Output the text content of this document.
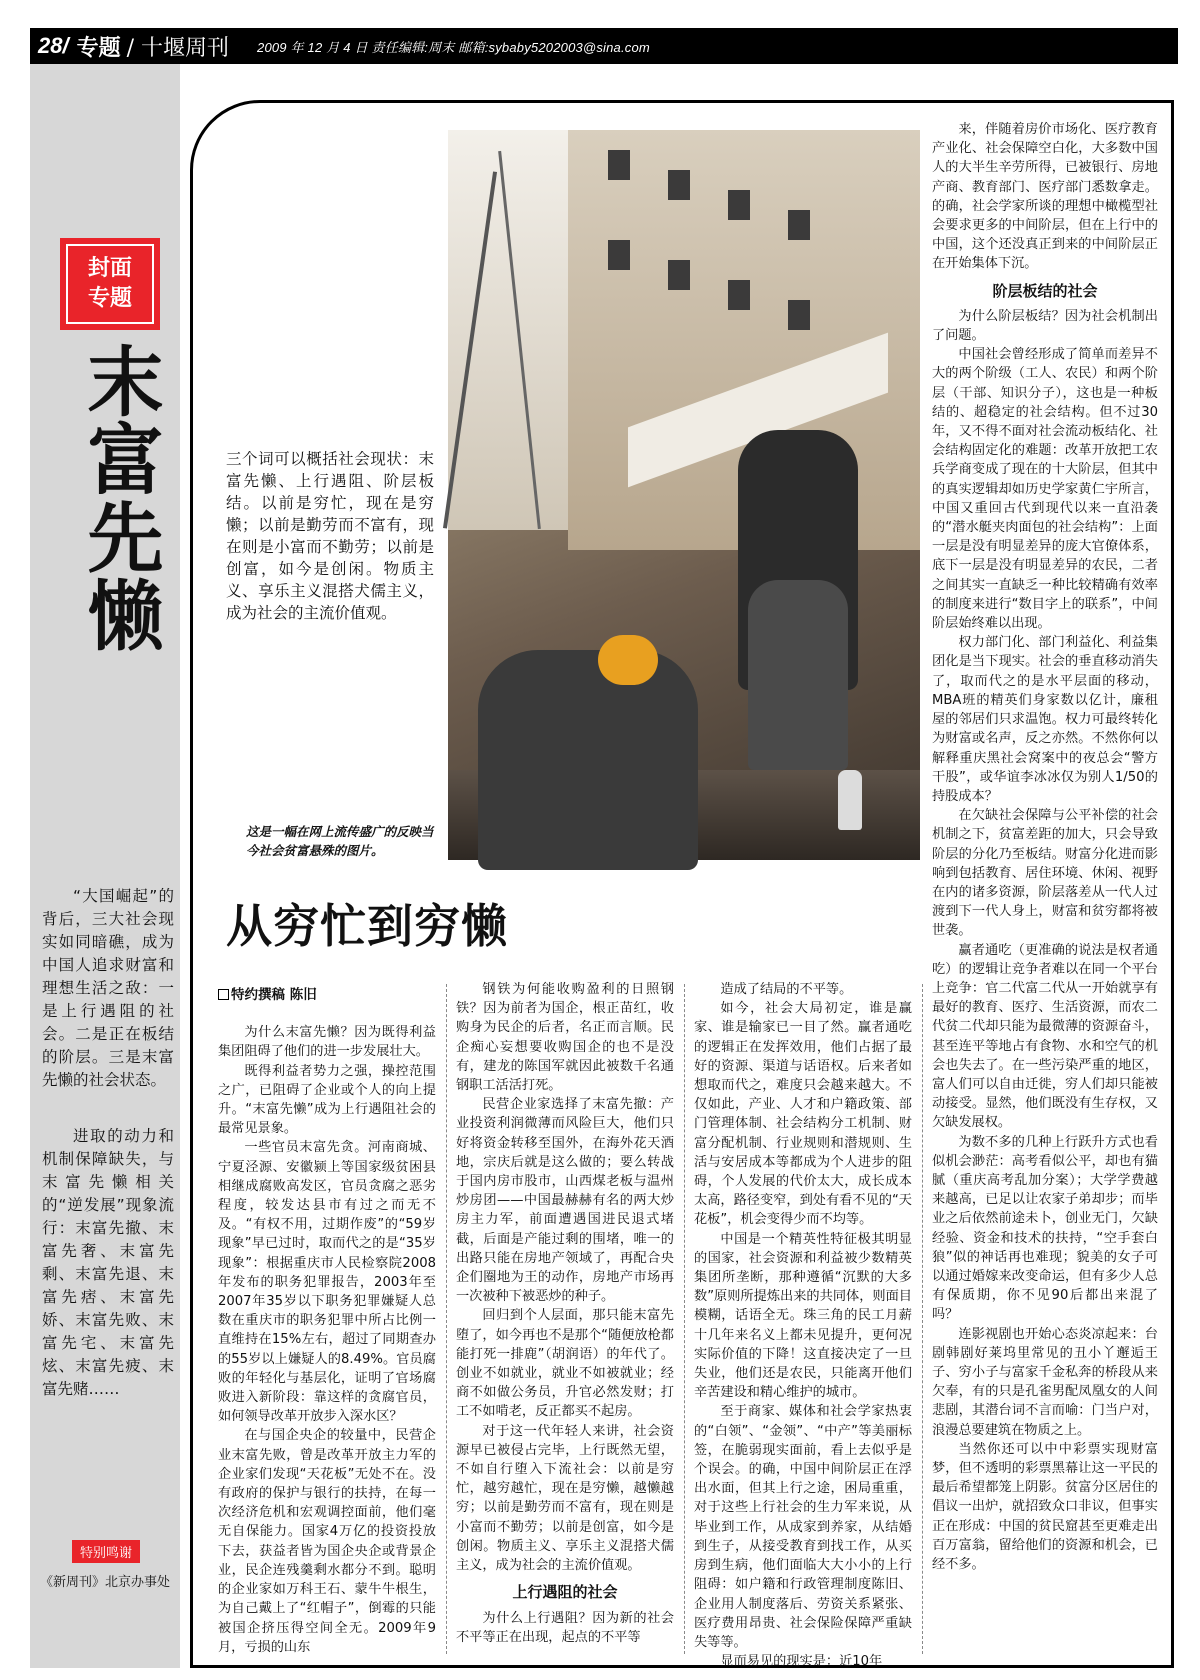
28/ 专题 / 十堰周刊 2009 年 12 月 4 日 责任编辑:周末 邮箱:sybaby5202003@sina.com
封面
专题
末富先懒

“大国崛起”的背后，三大社会现实如同暗礁，成为中国人追求财富和理想生活之敌：一是上行遇阻的社会。二是正在板结的阶层。三是末富先懒的社会状态。

进取的动力和机制保障缺失，与末富先懒相关的“逆发展”现象流行：末富先撤、末富先奢、末富先剩、末富先退、末富先痞、末富先娇、末富先败、末富先宅、末富先炫、末富先疲、末富先赌……

特别鸣谢
《新周刊》北京办事处
这是一幅在网上流传盛广的反映当今社会贫富悬殊的图片。
三个词可以概括社会现状：末富先懒、上行遇阻、阶层板结。以前是穷忙，现在是穷懒；以前是勤劳而不富有，现在则是小富而不勤劳；以前是创富，如今是创闲。物质主义、享乐主义混搭犬儒主义，成为社会的主流价值观。
从穷忙到穷懒
特约撰稿 陈旧

为什么末富先懒？因为既得利益集团阻碍了他们的进一步发展壮大。

既得利益者势力之强，操控范围之广，已阻碍了企业或个人的向上提升。“末富先懒”成为上行遇阻社会的最常见景象。

一些官员末富先贪。河南商城、宁夏泾源、安徽颍上等国家级贫困县相继成腐败高发区，官员贪腐之恶劣程度，较发达县市有过之而无不及。“有权不用，过期作废”的“59岁现象”早已过时，取而代之的是“35岁现象”：根据重庆市人民检察院2008年发布的职务犯罪报告，2003年至2007年35岁以下职务犯罪嫌疑人总数在重庆市的职务犯罪中所占比例一直维持在15%左右，超过了同期查办的55岁以上嫌疑人的8.49%。官员腐败的年轻化与基层化，证明了官场腐败进入新阶段：靠这样的贪腐官员，如何领导改革开放步入深水区？

在与国企央企的较量中，民营企业末富先败，曾是改革开放主力军的企业家们发现“天花板”无处不在。没有政府的保护与银行的扶持，在每一次经济危机和宏观调控面前，他们毫无自保能力。国家4万亿的投资投放下去，获益者皆为国企央企或背景企业，民企连残羹剩水都分不到。聪明的企业家如万科王石、蒙牛牛根生，为自己戴上了“红帽子”，倒霉的只能被国企挤压得空间全无。2009年9月，亏损的山东

钢铁为何能收购盈利的日照钢铁？因为前者为国企，根正苗红，收购身为民企的后者，名正而言顺。民企痴心妄想要收购国企的也不是没有，建龙的陈国军就因此被数千名通钢职工活活打死。

民营企业家选择了末富先撤：产业投资利润微薄而风险巨大，他们只好将资金转移至国外，在海外花天酒地，宗庆后就是这么做的；要么转战于国内房市股市，山西煤老板与温州炒房团——中国最赫赫有名的两大炒房主力军，前面遭遇国进民退式堵截，后面是产能过剩的围堵，唯一的出路只能在房地产领域了，再配合央企们圈地为王的动作，房地产市场再一次被种下被恶炒的种子。

回归到个人层面，那只能末富先堕了，如今再也不是那个“随便放枪都能打死一排鹿”（胡润语）的年代了。创业不如就业，就业不如被就业；经商不如做公务员，升官必然发财；打工不如啃老，反正都买不起房。

对于这一代年轻人来讲，社会资源早已被侵占完毕，上行既然无望，不如自行堕入下流社会：以前是穷忙，越穷越忙，现在是穷懒，越懒越穷；以前是勤劳而不富有，现在则是小富而不勤劳；以前是创富，如今是创闲。物质主义、享乐主义混搭犬儒主义，成为社会的主流价值观。

上行遇阻的社会

为什么上行遇阻？因为新的社会不平等正在出现，起点的不平等

造成了结局的不平等。

如今，社会大局初定，谁是赢家、谁是输家已一目了然。赢者通吃的逻辑正在发挥效用，他们占据了最好的资源、渠道与话语权。后来者如想取而代之，难度只会越来越大。不仅如此，产业、人才和户籍政策、部门管理体制、社会结构分工机制、财富分配机制、行业规则和潜规则、生活与安居成本等都成为个人进步的阻碍，个人发展的代价太大，成长成本太高，路径变窄，到处有看不见的“天花板”，机会变得少而不均等。

中国是一个精英性特征极其明显的国家，社会资源和利益被少数精英集团所垄断，那种遵循“沉默的大多数”原则所提炼出来的共同体，则面目模糊，话语全无。珠三角的民工月薪十几年来名义上都未见提升，更何况实际价值的下降！这直接决定了一旦失业，他们还是农民，只能离开他们辛苦建设和精心维护的城市。

至于商家、媒体和社会学家热衷的“白领”、“金领”、“中产”等美丽标签，在脆弱现实面前，看上去似乎是个误会。的确，中国中间阶层正在浮出水面，但其上行之途，困局重重，对于这些上行社会的生力军来说，从毕业到工作，从成家到养家，从结婚到生子，从接受教育到找工作，从买房到生病，他们面临大大小小的上行阻碍：如户籍和行政管理制度陈旧、企业用人制度落后、劳资关系紧张、医疗费用昂贵、社会保险保障严重缺失等等。

显而易见的现实是：近10年

来，伴随着房价市场化、医疗教育产业化、社会保障空白化，大多数中国人的大半生辛劳所得，已被银行、房地产商、教育部门、医疗部门悉数拿走。的确，社会学家所谈的理想中橄榄型社会要求更多的中间阶层，但在上行中的中国，这个还没真正到来的中间阶层正在开始集体下沉。

阶层板结的社会

为什么阶层板结？因为社会机制出了问题。

中国社会曾经形成了简单而差异不大的两个阶级（工人、农民）和两个阶层（干部、知识分子），这也是一种板结的、超稳定的社会结构。但不过30年，又不得不面对社会流动板结化、社会结构固定化的难题：改革开放把工农兵学商变成了现在的十大阶层，但其中的真实逻辑却如历史学家黄仁宇所言，中国又重回古代到现代以来一直沿袭的“潜水艇夹肉面包的社会结构”：上面一层是没有明显差异的庞大官僚体系，底下一层是没有明显差异的农民，二者之间其实一直缺乏一种比较精确有效率的制度来进行“数目字上的联系”，中间阶层始终难以出现。

权力部门化、部门利益化、利益集团化是当下现实。社会的垂直移动消失了，取而代之的是水平层面的移动，MBA班的精英们身家数以亿计，廉租屋的邻居们只求温饱。权力可最终转化为财富或名声，反之亦然。不然你何以解释重庆黑社会窝案中的夜总会“警方干股”，或华谊李冰冰仅为别人1/50的持股成本？

在欠缺社会保障与公平补偿的社会机制之下，贫富差距的加大，只会导致阶层的分化乃至板结。财富分化进而影响到包括教育、居住环境、休闲、视野在内的诸多资源，阶层落差从一代人过渡到下一代人身上，财富和贫穷都将被世袭。

赢者通吃（更准确的说法是权者通吃）的逻辑让竞争者难以在同一个平台上竞争：官二代富二代从一开始就享有最好的教育、医疗、生活资源，而农二代贫二代却只能为最微薄的资源奋斗，甚至连平等地占有食物、水和空气的机会也失去了。在一些污染严重的地区，富人们可以自由迁徙，穷人们却只能被动接受。显然，他们既没有生存权，又欠缺发展权。

为数不多的几种上行跃升方式也看似机会渺茫：高考看似公平，却也有猫腻（重庆高考乱加分案）；大学学费越来越高，已足以让农家子弟却步；而毕业之后依然前途未卜，创业无门，欠缺经验、资金和技术的扶持，“空手套白狼”似的神话再也难现；貌美的女子可以通过婚嫁来改变命运，但有多少人总有保质期，你不见90后都出来混了吗？

连影视剧也开始心态炎凉起来：台剧韩剧好莱坞里常见的丑小丫邂逅王子、穷小子与富家千金私奔的桥段从来欠奉，有的只是孔雀男配凤凰女的人间悲剧，其潜台词不言而喻：门当户对，浪漫总要建筑在物质之上。

当然你还可以中中彩票实现财富梦，但不透明的彩票黑幕让这一平民的最后希望都笼上阴影。贫富分区居住的倡议一出炉，就招致众口非议，但事实正在形成：中国的贫民窟甚至更难走出百万富翁，留给他们的资源和机会，已经不多。
